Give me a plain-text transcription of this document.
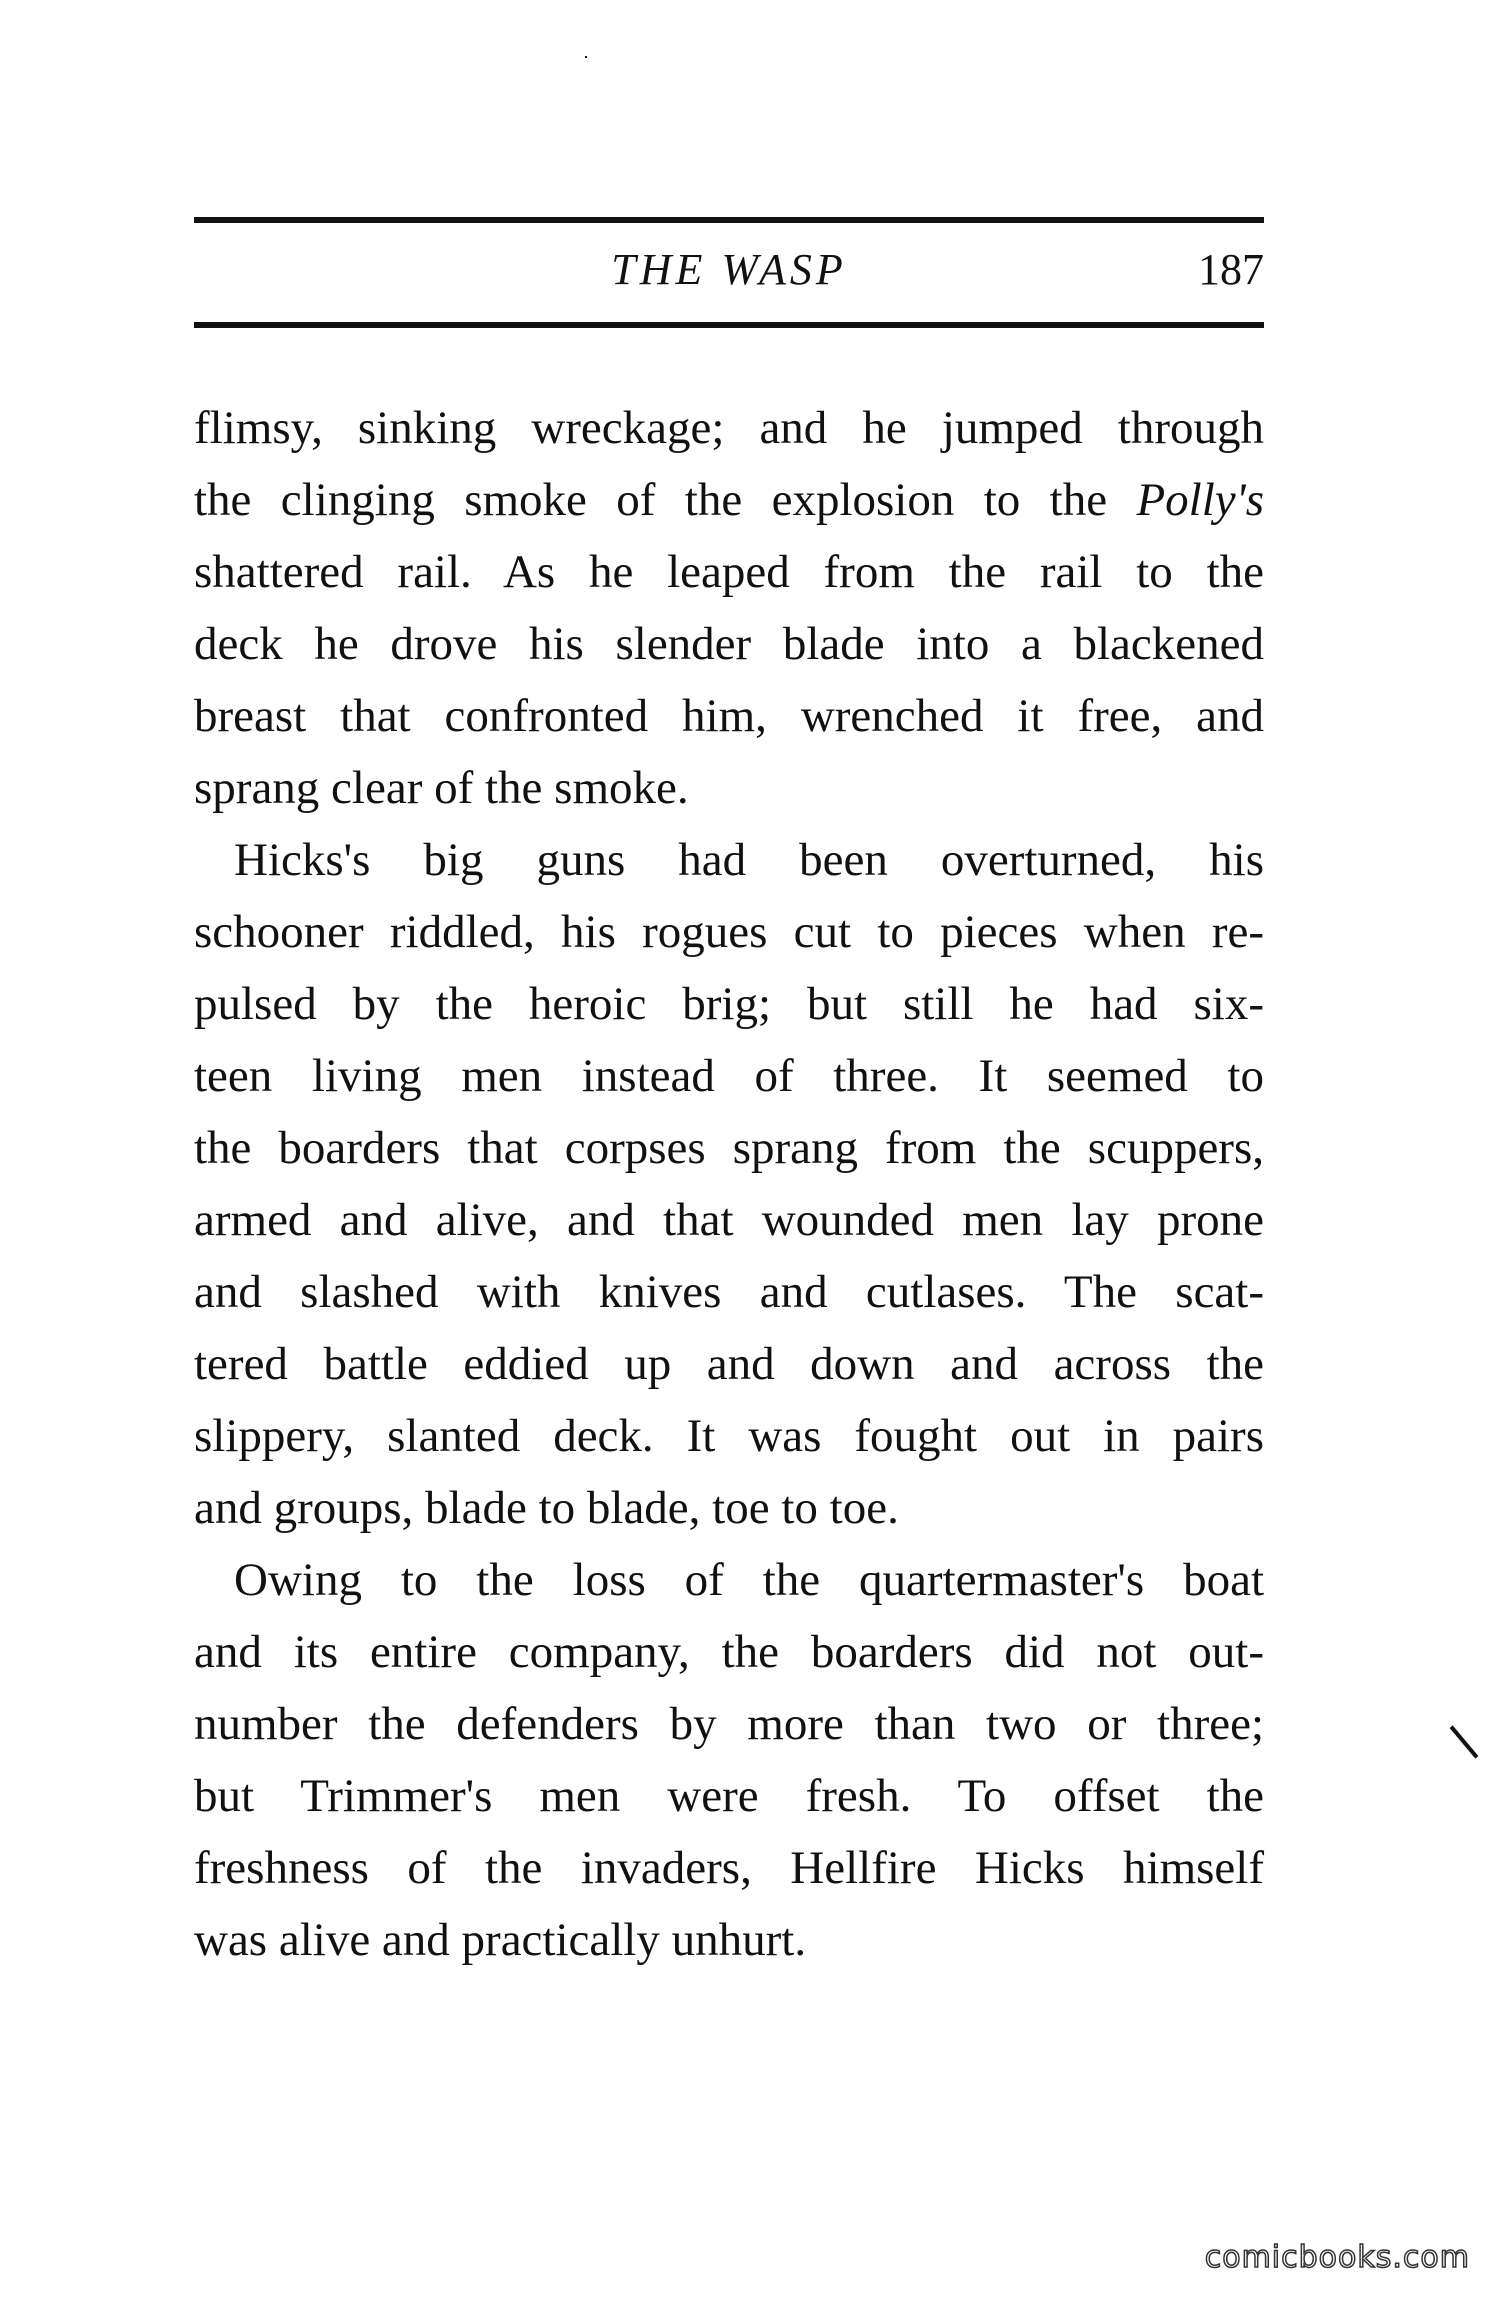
THE WASP	187

flimsy, sinking wreckage; and he jumped through
the clinging smoke of the explosion to the Polly's
shattered rail. As he leaped from the rail to the
deck he drove his slender blade into a blackened
breast that confronted him, wrenched it free, and
sprang clear of the smoke.

Hicks's big guns had been overturned, his
schooner riddled, his rogues cut to pieces when re-
pulsed by the heroic brig; but still he had six-
teen living men instead of three. It seemed to
the boarders that corpses sprang from the scuppers,
armed and alive, and that wounded men lay prone
and slashed with knives and cutlases. The scat-
tered battle eddied up and down and across the
slippery, slanted deck. It was fought out in pairs
and groups, blade to blade, toe to toe.

Owing to the loss of the quartermaster's boat
and its entire company, the boarders did not out-
number the defenders by more than two or three;
but Trimmer's men were fresh. To offset the
freshness of the invaders, Hellfire Hicks himself
was alive and practically unhurt.

comicbooks.com
